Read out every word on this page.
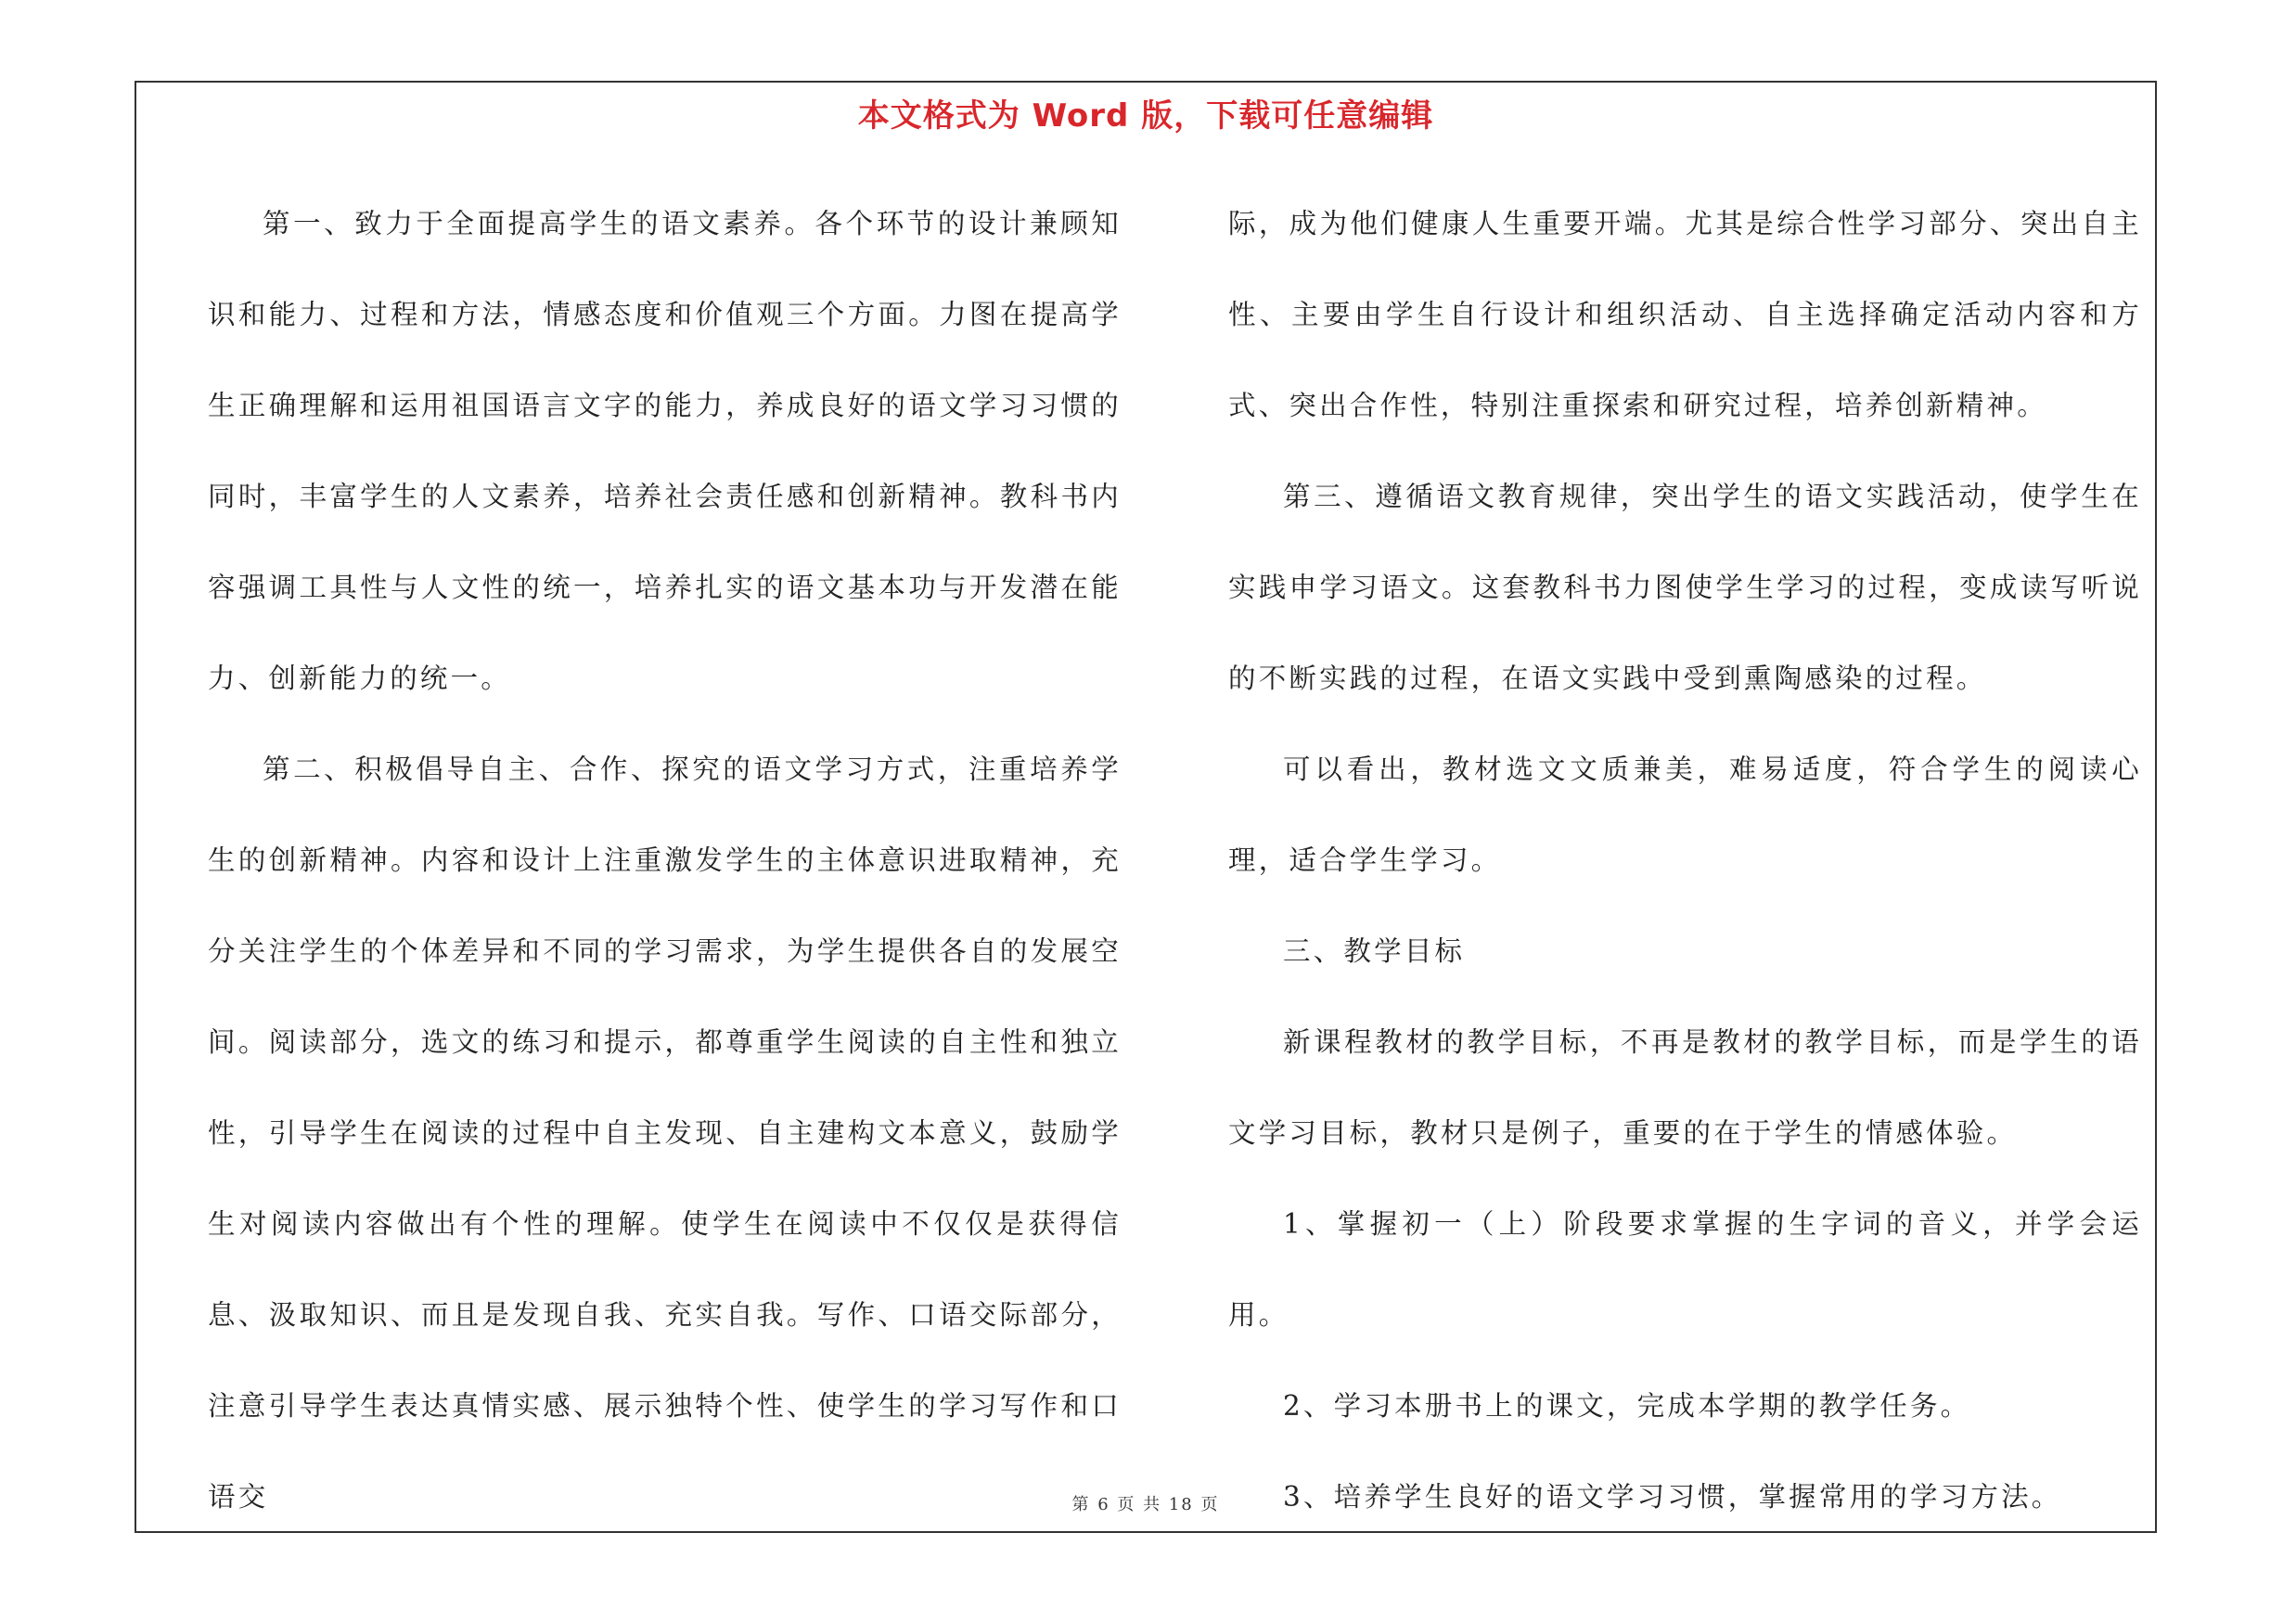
本文格式为 Word 版，下载可任意编辑

第一、致力于全面提高学生的语文素养。各个环节的设计兼顾知识和能力、过程和方法，情感态度和价值观三个方面。力图在提高学生正确理解和运用祖国语言文字的能力，养成良好的语文学习习惯的同时，丰富学生的人文素养，培养社会责任感和创新精神。教科书内容强调工具性与人文性的统一，培养扎实的语文基本功与开发潜在能力、创新能力的统一。

第二、积极倡导自主、合作、探究的语文学习方式，注重培养学生的创新精神。内容和设计上注重激发学生的主体意识进取精神，充分关注学生的个体差异和不同的学习需求，为学生提供各自的发展空间。阅读部分，选文的练习和提示，都尊重学生阅读的自主性和独立性，引导学生在阅读的过程中自主发现、自主建构文本意义，鼓励学生对阅读内容做出有个性的理解。使学生在阅读中不仅仅是获得信息、汲取知识、而且是发现自我、充实自我。写作、口语交际部分，注意引导学生表达真情实感、展示独特个性、使学生的学习写作和口语交

际，成为他们健康人生重要开端。尤其是综合性学习部分、突出自主性、主要由学生自行设计和组织活动、自主选择确定活动内容和方式、突出合作性，特别注重探索和研究过程，培养创新精神。

第三、遵循语文教育规律，突出学生的语文实践活动，使学生在实践申学习语文。这套教科书力图使学生学习的过程，变成读写听说的不断实践的过程，在语文实践中受到熏陶感染的过程。

可以看出，教材选文文质兼美，难易适度，符合学生的阅读心理，适合学生学习。

三、教学目标

新课程教材的教学目标，不再是教材的教学目标，而是学生的语文学习目标，教材只是例子，重要的在于学生的情感体验。

1、掌握初一（上）阶段要求掌握的生字词的音义，并学会运用。

2、学习本册书上的课文，完成本学期的教学任务。

3、培养学生良好的语文学习习惯，掌握常用的学习方法。

第 6 页 共 18 页
